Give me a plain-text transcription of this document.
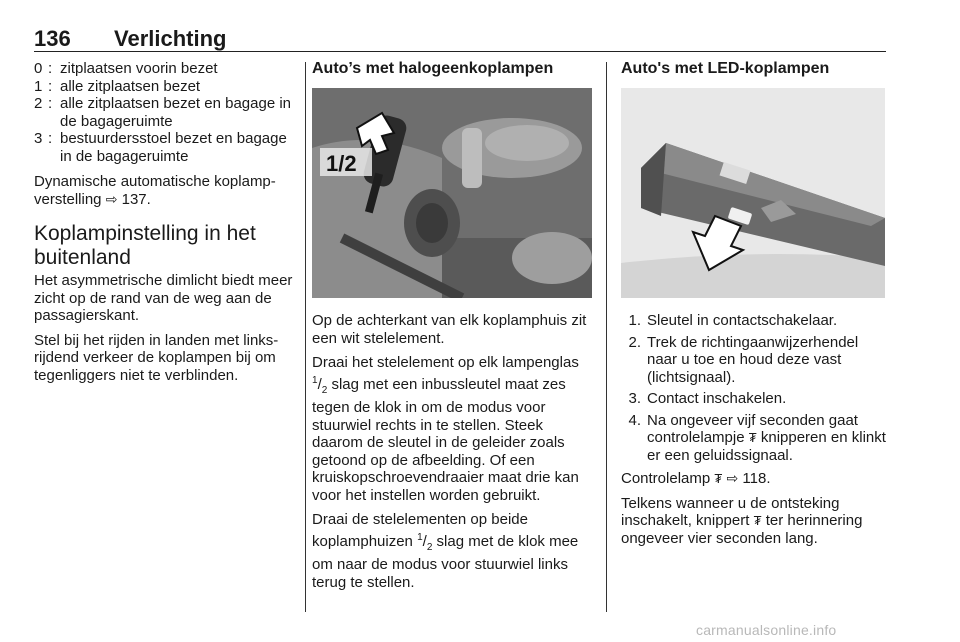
136 Verlichting
0 : zitplaatsen voorin bezet
1 : alle zitplaatsen bezet
2 : alle zitplaatsen bezet en bagage in de bagageruimte
3 : bestuurdersstoel bezet en bagage in de bagageruimte

Dynamische automatische koplampverstelling ⇨ 137.

Koplampinstelling in het buitenland

Het asymmetrische dimlicht biedt meer zicht op de rand van de weg aan de passagierskant.

Stel bij het rijden in landen met linksrijdend verkeer de koplampen bij om tegenliggers niet te verblinden.

Auto’s met halogeenkoplampen
1/2

Op de achterkant van elk koplamphuis zit een wit stelelement.

Draai het stelelement op elk lampenglas $^1/_2$ slag met een inbussleutel maat zes tegen de klok in om de modus voor stuurwiel rechts in te stellen. Steek daarom de sleutel in de geleider zoals getoond op de afbeelding. Of een kruiskopschroevendraaier maat drie kan voor het instellen worden gebruikt.

Draai de stelelementen op beide koplamphuizen $^1/_2$ slag met de klok mee om naar de modus voor stuurwiel links terug te stellen.

Auto's met LED-koplampen
1. Sleutel in contactschakelaar.
2. Trek de richtingaanwijzerhendel naar u toe en houd deze vast (lichtsignaal).
3. Contact inschakelen.
4. Na ongeveer vijf seconden gaat controlelampje ₮ knipperen en klinkt er een geluidssignaal.

Controlelamp ₮ ⇨ 118.

Telkens wanneer u de ontsteking inschakelt, knippert ₮ ter herinnering ongeveer vier seconden lang.

carmanualsonline.info
